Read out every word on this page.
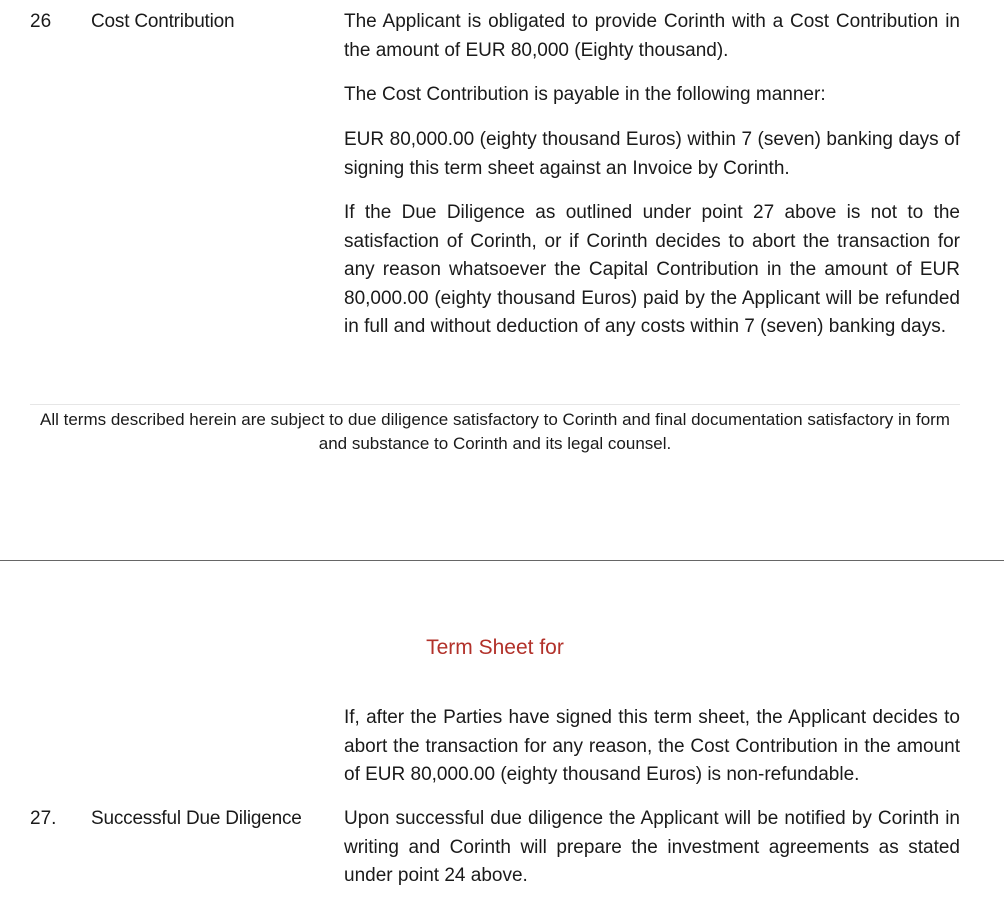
26 Cost Contribution	The Applicant is obligated to provide Corinth with a Cost Contribution in the amount of EUR 80,000 (Eighty thousand).

The Cost Contribution is payable in the following manner:

EUR 80,000.00 (eighty thousand Euros) within 7 (seven) banking days of signing this term sheet against an Invoice by Corinth.

If the Due Diligence as outlined under point 27 above is not to the satisfaction of Corinth, or if Corinth decides to abort the transaction for any reason whatsoever the Capital Contribution in the amount of EUR 80,000.00 (eighty thousand Euros) paid by the Applicant will be refunded in full and without deduction of any costs within 7 (seven) banking days.

All terms described herein are subject to due diligence satisfactory to Corinth and final documentation satisfactory in form and substance to Corinth and its legal counsel.

Term Sheet for

If, after the Parties have signed this term sheet, the Applicant decides to abort the transaction for any reason, the Cost Contribution in the amount of EUR 80,000.00 (eighty thousand Euros) is non-refundable.

27. Successful Due Diligence Upon successful due diligence the Applicant will be notified by Corinth in writing and Corinth will prepare the investment agreements as stated under point 24 above.
